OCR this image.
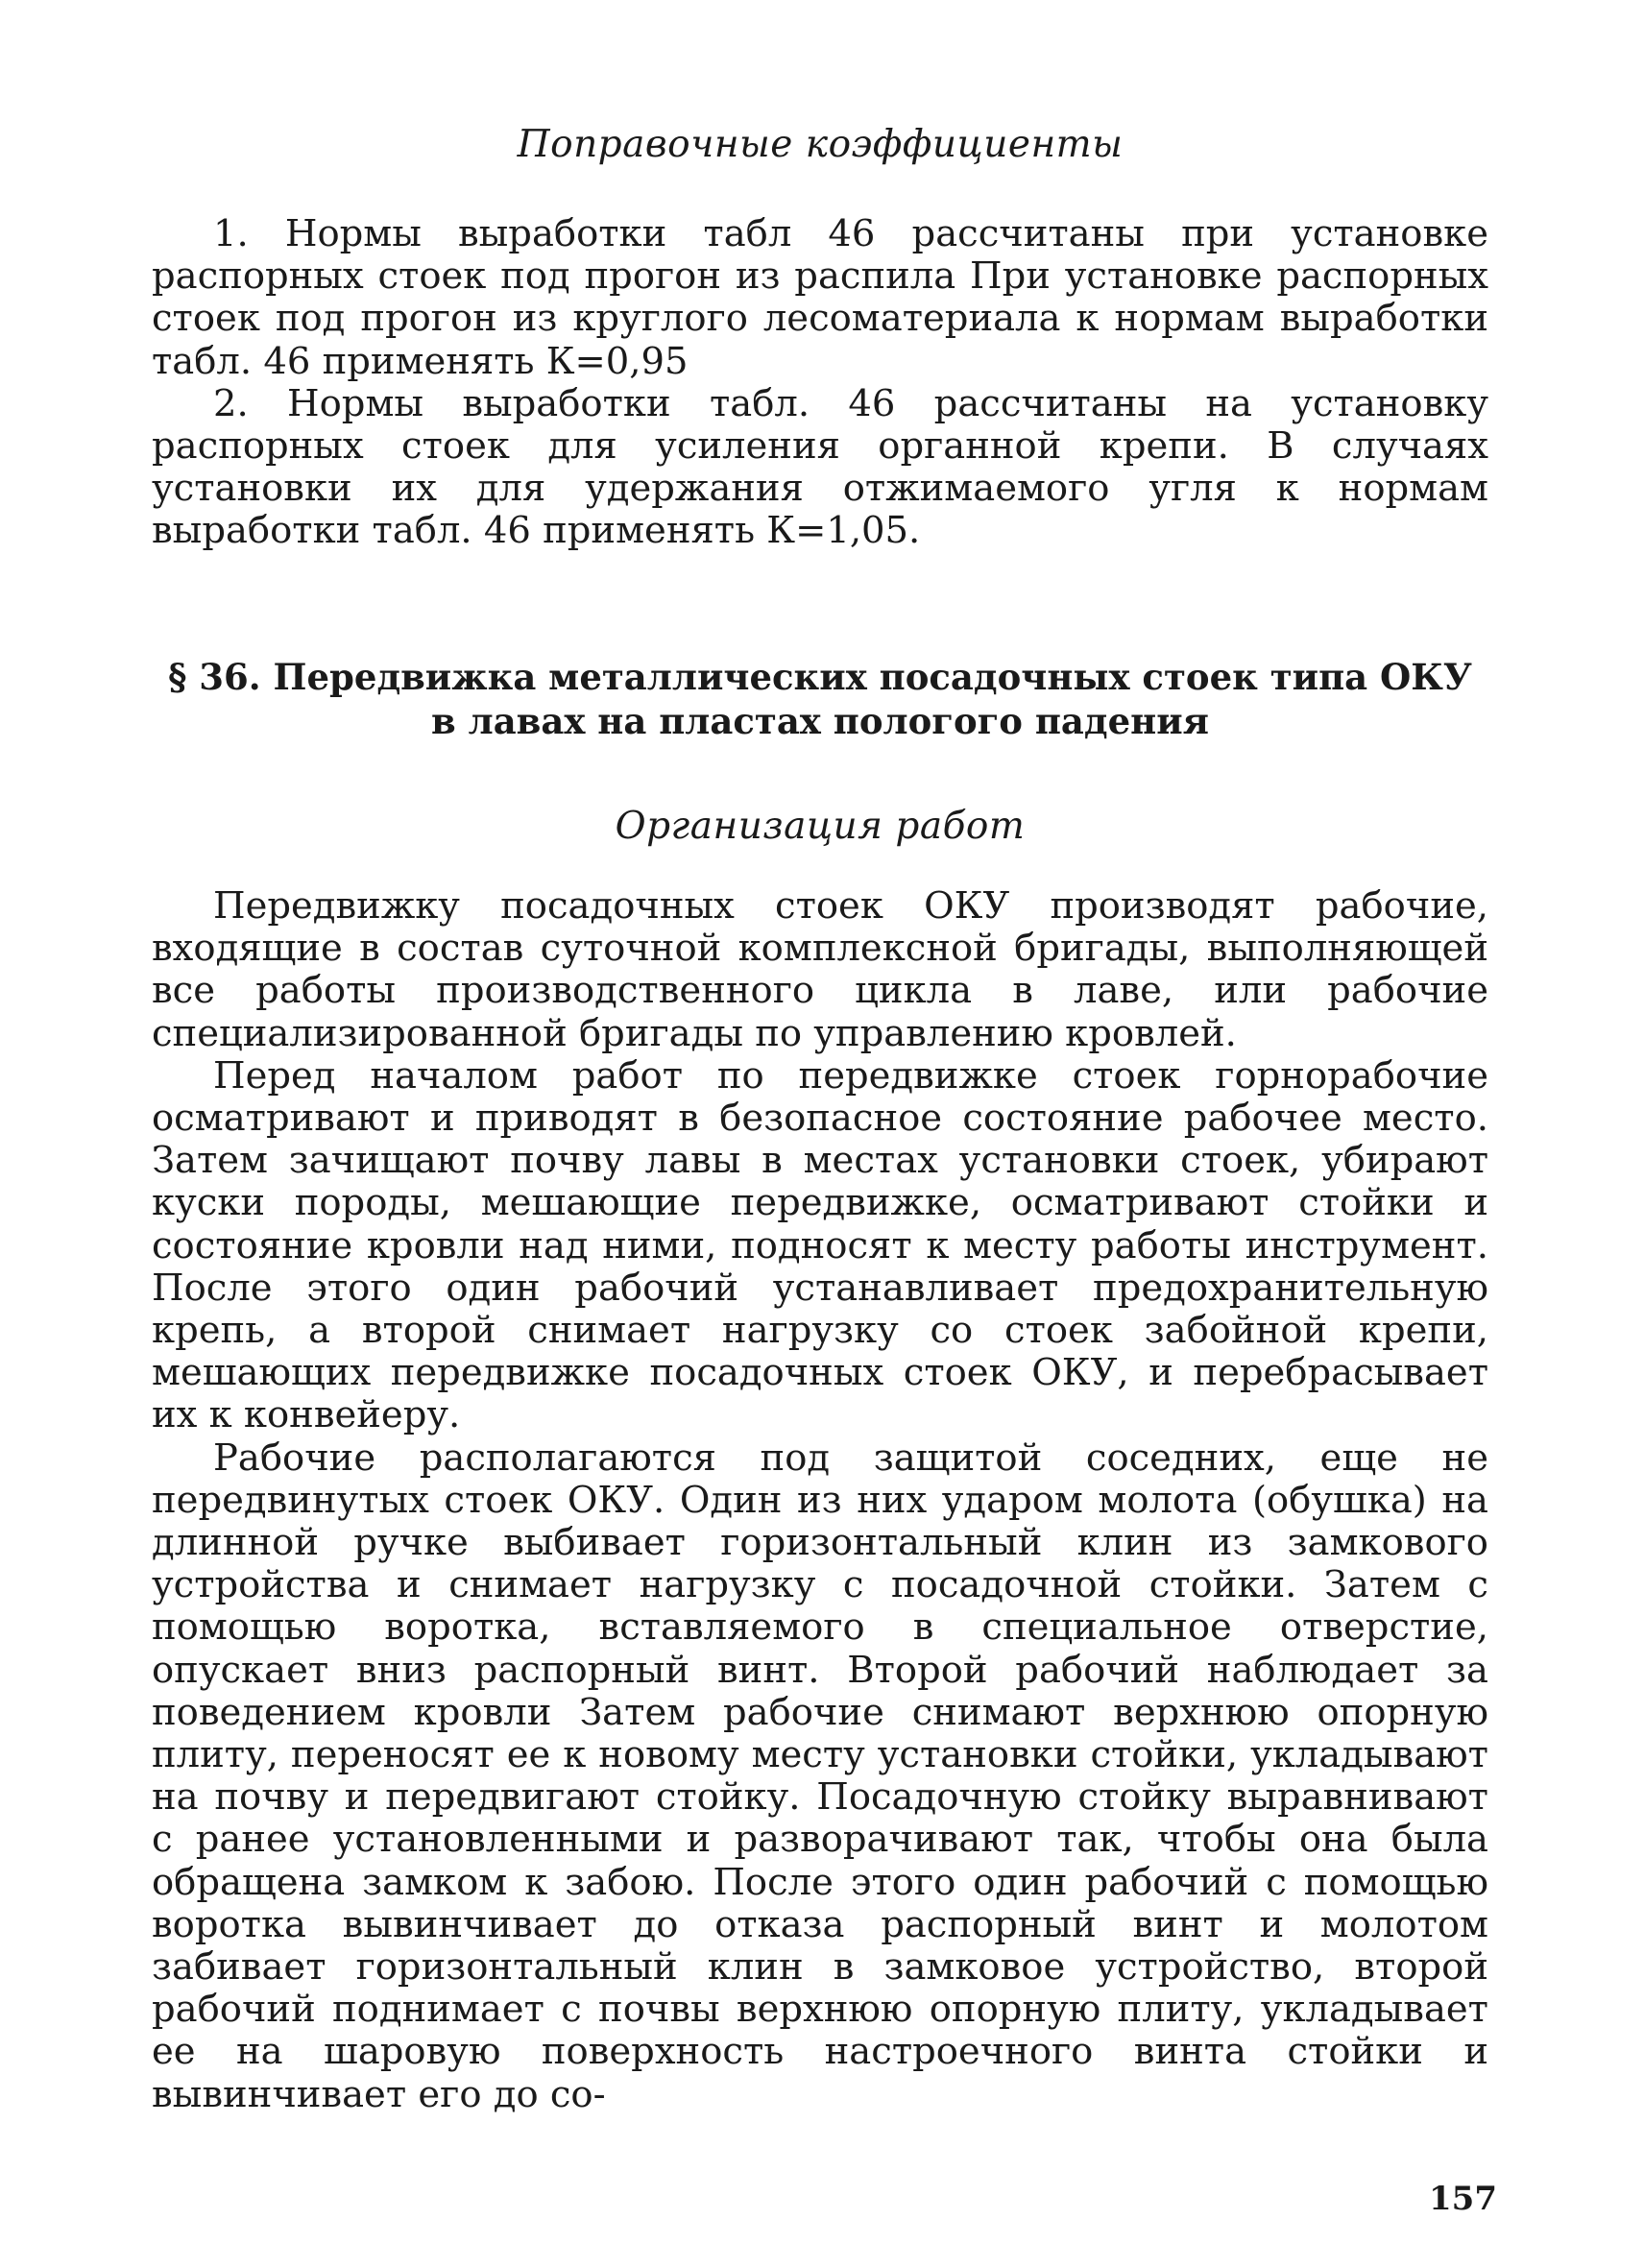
Поправочные коэффициенты

1. Нормы выработки табл 46 рассчитаны при установке распорных стоек под прогон из распила При установке распорных стоек под прогон из круглого лесоматериала к нормам выработки табл. 46 применять К=0,95

2. Нормы выработки табл. 46 рассчитаны на установку распорных стоек для усиления органной крепи. В случаях установки их для удержания отжимаемого угля к нормам выработки табл. 46 применять К=1,05.

§ 36. Передвижка металлических посадочных стоек типа ОКУ
в лавах на пластах пологого падения
Организация работ

Передвижку посадочных стоек ОКУ производят рабочие, входящие в состав суточной комплексной бригады, выполняющей все работы производственного цикла в лаве, или рабочие специализированной бригады по управлению кровлей.

Перед началом работ по передвижке стоек горнорабочие осматривают и приводят в безопасное состояние рабочее место. Затем зачищают почву лавы в местах установки стоек, убирают куски породы, мешающие передвижке, осматривают стойки и состояние кровли над ними, подносят к месту работы инструмент. После этого один рабочий устанавливает предохранительную крепь, а второй снимает нагрузку со стоек забойной крепи, мешающих передвижке посадочных стоек ОКУ, и перебрасывает их к конвейеру.

Рабочие располагаются под защитой соседних, еще не передвинутых стоек ОКУ. Один из них ударом молота (обушка) на длинной ручке выбивает горизонтальный клин из замкового устройства и снимает нагрузку с посадочной стойки. Затем с помощью воротка, вставляемого в специальное отверстие, опускает вниз распорный винт. Второй рабочий наблюдает за поведением кровли Затем рабочие снимают верхнюю опорную плиту, переносят ее к новому месту установки стойки, укладывают на почву и передвигают стойку. Посадочную стойку выравнивают с ранее установленными и разворачивают так, чтобы она была обращена замком к забою. После этого один рабочий с помощью воротка вывинчивает до отказа распорный винт и молотом забивает горизонтальный клин в замковое устройство, второй рабочий поднимает с почвы верхнюю опорную плиту, укладывает ее на шаровую поверхность настроечного винта стойки и вывинчивает его до со-

157
